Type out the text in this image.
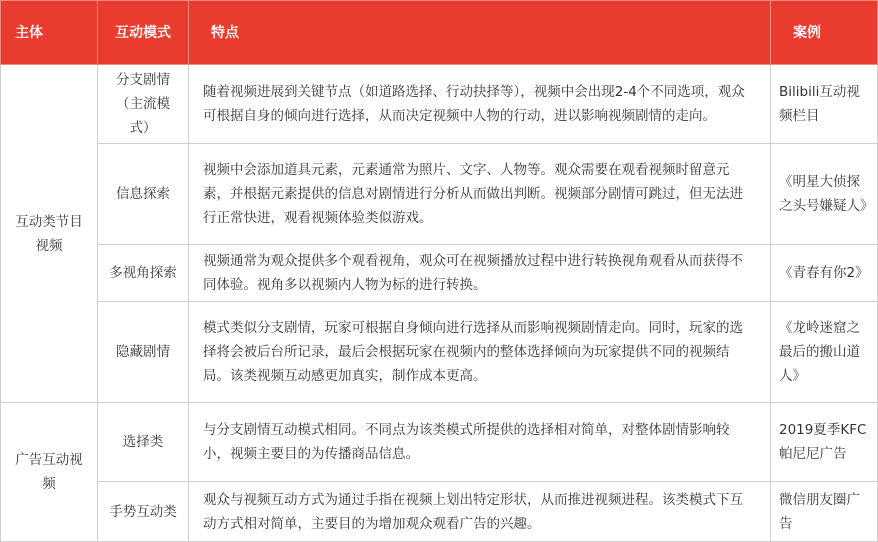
主体	互动模式	特点	案例
互动类节目视频	分支剧情（主流模式）	随着视频进展到关键节点（如道路选择、行动抉择等），视频中会出现2-4个不同选项，观众可根据自身的倾向进行选择，从而决定视频中人物的行动，进以影响视频剧情的走向。	Bilibili互动视频栏目
	信息探索	视频中会添加道具元素，元素通常为照片、文字、人物等。观众需要在观看视频时留意元素，并根据元素提供的信息对剧情进行分析从而做出判断。视频部分剧情可跳过，但无法进行正常快进，观看视频体验类似游戏。	《明星大侦探之头号嫌疑人》
	多视角探索	视频通常为观众提供多个观看视角，观众可在视频播放过程中进行转换视角观看从而获得不同体验。视角多以视频内人物为标的进行转换。	《青春有你2》
	隐藏剧情	模式类似分支剧情，玩家可根据自身倾向进行选择从而影响视频剧情走向。同时，玩家的选择将会被后台所记录，最后会根据玩家在视频内的整体选择倾向为玩家提供不同的视频结局。该类视频互动感更加真实，制作成本更高。	《龙岭迷窟之最后的搬山道人》
广告互动视频	选择类	与分支剧情互动模式相同。不同点为该类模式所提供的选择相对简单，对整体剧情影响较小，视频主要目的为传播商品信息。	2019夏季KFC帕尼尼广告
	手势互动类	观众与视频互动方式为通过手指在视频上划出特定形状，从而推进视频进程。该类模式下互动方式相对简单，主要目的为增加观众观看广告的兴趣。	微信朋友圈广告
